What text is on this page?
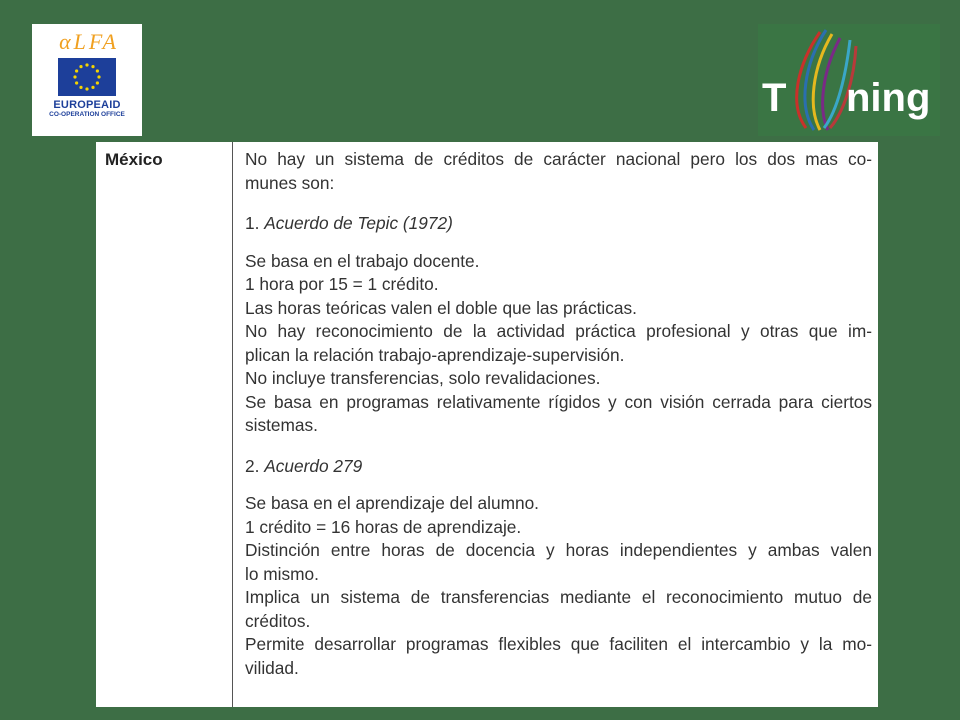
αLFA
EUROPEAID
CO-OPERATION OFFICE	T ning
México	No hay un sistema de créditos de carácter nacional pero los dos mas co-

munes son:

1. Acuerdo de Tepic (1972)

Se basa en el trabajo docente.

1 hora por 15 = 1 crédito.

Las horas teóricas valen el doble que las prácticas.

No hay reconocimiento de la actividad práctica profesional y otras que im-

plican la relación trabajo-aprendizaje-supervisión.

No incluye transferencias, solo revalidaciones.

Se basa en programas relativamente rígidos y con visión cerrada para ciertos

sistemas.

2. Acuerdo 279

Se basa en el aprendizaje del alumno.

1 crédito = 16 horas de aprendizaje.

Distinción entre horas de docencia y horas independientes y ambas valen

lo mismo.

Implica un sistema de transferencias mediante el reconocimiento mutuo de

créditos.

Permite desarrollar programas flexibles que faciliten el intercambio y la mo-

vilidad.
